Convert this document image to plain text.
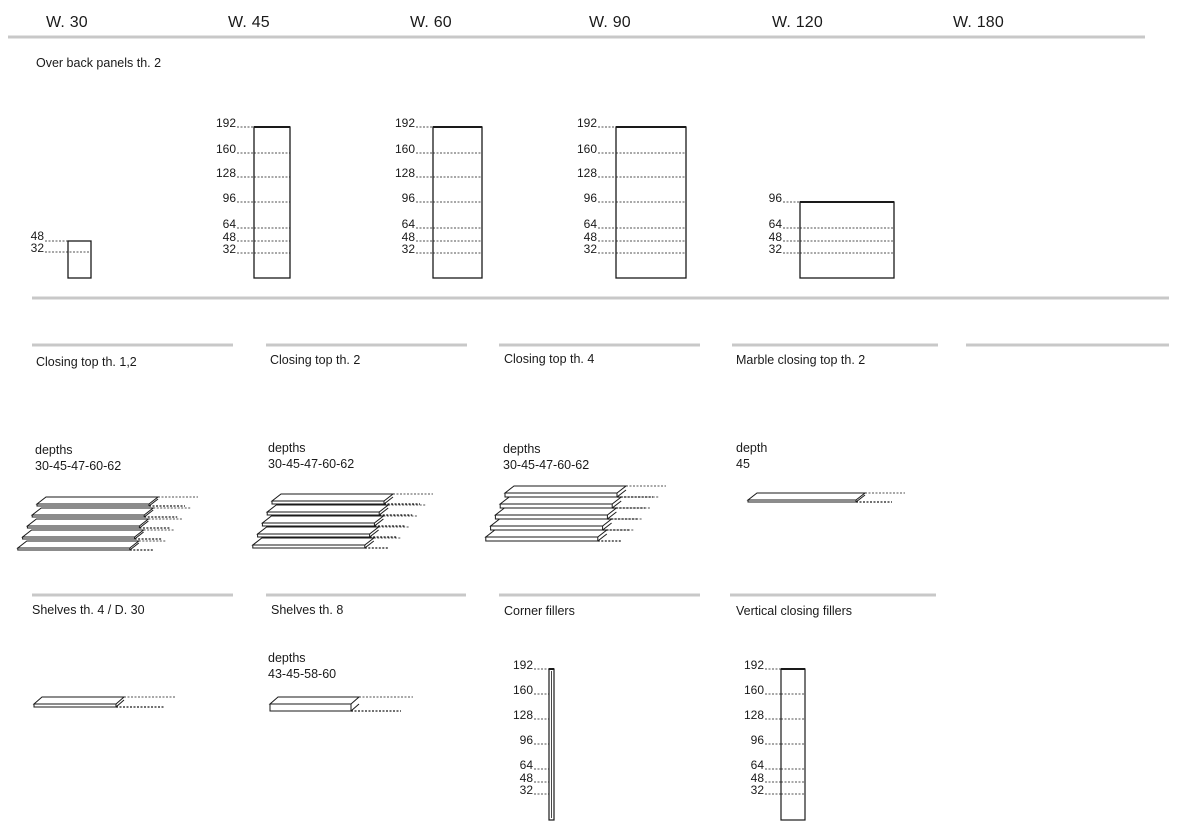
W. 30	W. 45	W. 60	W. 90	W. 120	W. 180
Over back panels th. 2
Closing top th. 1,2	Closing top th. 2	Closing top th. 4	Marble closing top th. 2
depths
30-45-47-60-62
depths
30-45-47-60-62
depths
30-45-47-60-62
depth
45
Shelves th. 4 / D. 30	Shelves th. 8
depths
43-45-58-60
Corner fillers	Vertical closing fillers
48
32
192
160
128
96
64
48
32
192
160
128
96
64
48
32
192
160
128
96
64
48
32
96
64
48
32
192
160
128
96
64
48
32
192
160
128
96
64
48
32
